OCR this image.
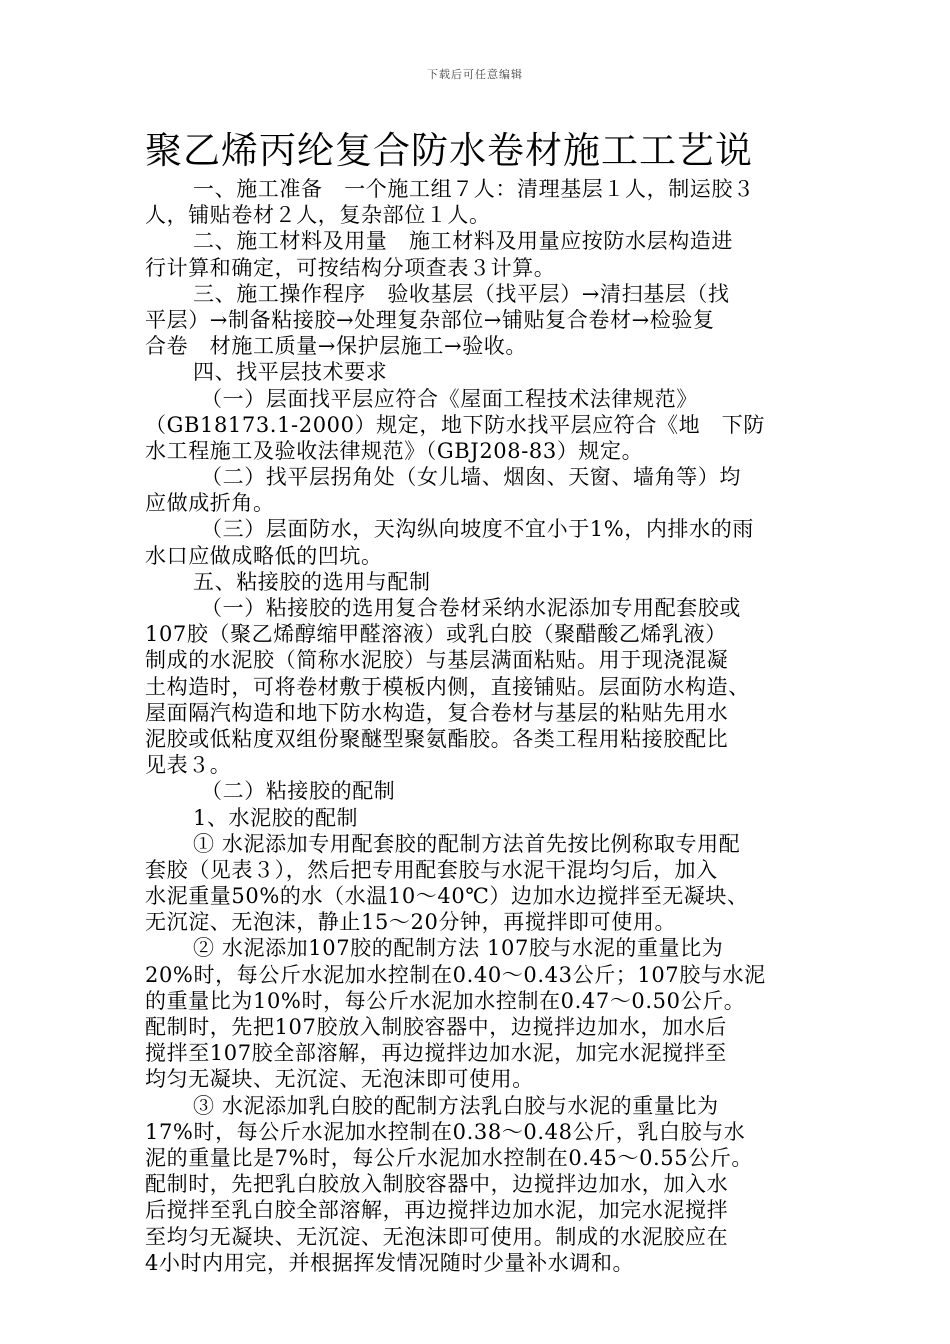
下载后可任意编辑
聚乙烯丙纶复合防水卷材施工工艺说
一、施工准备　一个施工组７人：清理基层１人，制运胶３
人，铺贴卷材２人，复杂部位１人。
二、施工材料及用量　施工材料及用量应按防水层构造进
行计算和确定，可按结构分项查表３计算。
三、施工操作程序　验收基层（找平层）→清扫基层（找
平层）→制备粘接胶→处理复杂部位→铺贴复合卷材→检验复
合卷　材施工质量→保护层施工→验收。
四、找平层技术要求
（一）层面找平层应符合《屋面工程技术法律规范》
（GB18173.1-2000）规定，地下防水找平层应符合《地　下防
水工程施工及验收法律规范》（GBJ208-83）规定。
（二）找平层拐角处（女儿墙、烟囱、天窗、墙角等）均
应做成折角。
（三）层面防水，天沟纵向坡度不宜小于1%，内排水的雨
水口应做成略低的凹坑。
五、粘接胶的选用与配制
（一）粘接胶的选用复合卷材采纳水泥添加专用配套胶或
107胶（聚乙烯醇缩甲醛溶液）或乳白胶（聚醋酸乙烯乳液）
制成的水泥胶（简称水泥胶）与基层满面粘贴。用于现浇混凝
土构造时，可将卷材敷于模板内侧，直接铺贴。层面防水构造、
屋面隔汽构造和地下防水构造，复合卷材与基层的粘贴先用水
泥胶或低粘度双组份聚醚型聚氨酯胶。各类工程用粘接胶配比
见表３。
（二）粘接胶的配制
1、水泥胶的配制
① 水泥添加专用配套胶的配制方法首先按比例称取专用配
套胶（见表３），然后把专用配套胶与水泥干混均匀后，加入
水泥重量50%的水（水温10～40℃）边加水边搅拌至无凝块、
无沉淀、无泡沫，静止15～20分钟，再搅拌即可使用。
② 水泥添加107胶的配制方法 107胶与水泥的重量比为
20%时，每公斤水泥加水控制在0.40～0.43公斤；107胶与水泥
的重量比为10%时，每公斤水泥加水控制在0.47～0.50公斤。
配制时，先把107胶放入制胶容器中，边搅拌边加水，加水后
搅拌至107胶全部溶解，再边搅拌边加水泥，加完水泥搅拌至
均匀无凝块、无沉淀、无泡沫即可使用。
③ 水泥添加乳白胶的配制方法乳白胶与水泥的重量比为
17%时，每公斤水泥加水控制在0.38～0.48公斤，乳白胶与水
泥的重量比是7%时，每公斤水泥加水控制在0.45～0.55公斤。
配制时，先把乳白胶放入制胶容器中，边搅拌边加水，加入水
后搅拌至乳白胶全部溶解，再边搅拌边加水泥，加完水泥搅拌
至均匀无凝块、无沉淀、无泡沫即可使用。制成的水泥胶应在
4小时内用完，并根据挥发情况随时少量补水调和。
